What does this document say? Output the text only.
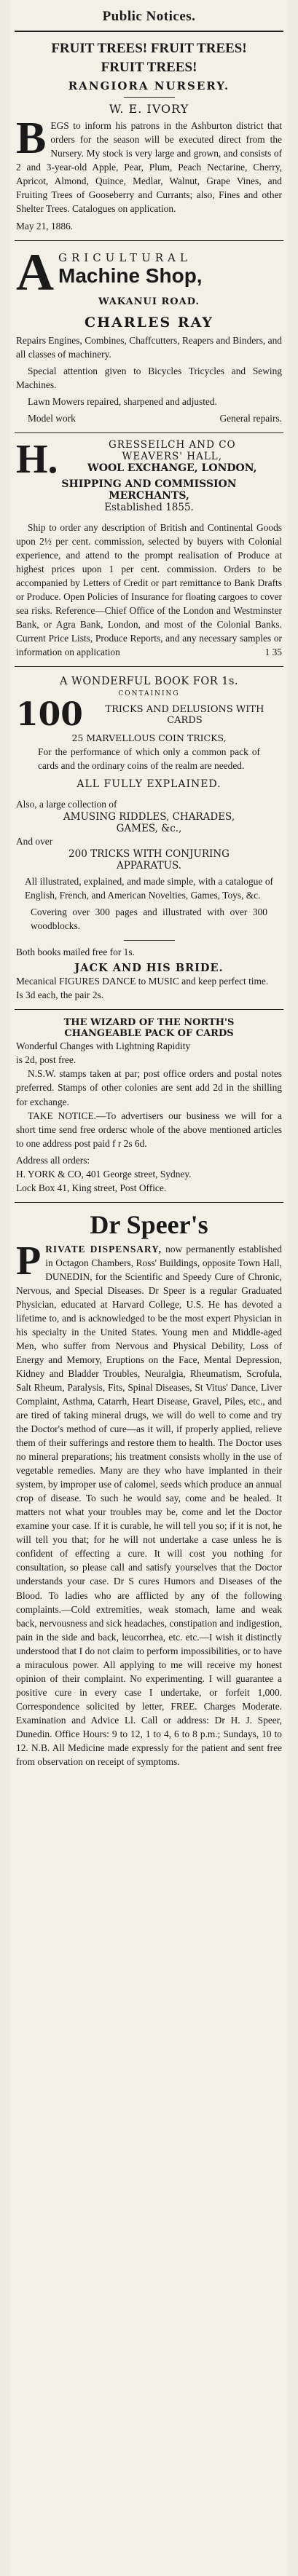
Public Notices.
FRUIT TREES! FRUIT TREES!
FRUIT TREES!
RANGIORA NURSERY.
W. E. IVORY
BEGS to inform his patrons in the Ashburton district that orders for the season will be executed direct from the Nursery. My stock is very large and grown, and consists of 2 and 3-year-old Apple, Pear, Plum, Peach Nectarine, Cherry, Apricot, Almond, Quince, Medlar, Walnut, Grape Vines, and Fruiting Trees of Gooseberry and Currants; also, Fines and other Shelter Trees. Catalogues on application.
May 21, 1886.
A GRICULTURAL
Machine Shop,
WAKANUI ROAD.
CHARLES RAY
Repairs Engines, Combines, Chaffcutters, Reapers and Binders, and all classes of machinery.
Special attention given to Bicycles Tricycles and Sewing Machines.
Lawn Mowers repaired, sharpened and adjusted.
Model work	General repairs.
H.	GRESSEILCH AND CO
WEAVERS' HALL,
WOOL EXCHANGE, LONDON,
SHIPPING AND COMMISSION
MERCHANTS,
Established 1855.
Ship to order any description of British and Continental Goods upon 2½ per cent. commission, selected by buyers with Colonial experience, and attend to the prompt realisation of Produce at highest prices upon 1 per cent. commission. Orders to be accompanied by Letters of Credit or part remittance to Bank Drafts or Produce. Open Policies of Insurance for floating cargoes to cover sea risks. Reference—Chief Office of the London and Westminster Bank, or Agra Bank, London, and most of the Colonial Banks. Current Price Lists, Produce Reports, and any necessary samples or information on application	1 35
A WONDERFUL BOOK FOR 1s.
CONTAINING
100	TRICKS AND DELUSIONS WITH
CARDS
25 MARVELLOUS COIN TRICKS,
For the performance of which only a common pack of cards and the ordinary coins of the realm are needed.
ALL FULLY EXPLAINED.
Also, a large collection of
AMUSING RIDDLES, CHARADES,
GAMES, &c.,
And over
200 TRICKS WITH CONJURING
APPARATUS.
All illustrated, explained, and made simple, with a catalogue of English, French, and American Novelties, Games, Toys, &c.
Covering over 300 pages and illustrated with over 300 woodblocks.
Both books mailed free for 1s.
JACK AND HIS BRIDE.
Mecanical FIGURES DANCE to MUSIC and keep perfect time.
Is 3d each, the pair 2s.
THE WIZARD OF THE NORTH'S
CHANGEABLE PACK OF CARDS
Wonderful Changes with Lightning Rapidity
is 2d, post free.
N.S.W. stamps taken at par; post office orders and postal notes preferred. Stamps of other colonies are sent add 2d in the shilling for exchange.
TAKE NOTICE.—To advertisers our business we will for a short time send free ordersc whole of the above mentioned articles to one address post paid f r 2s 6d.
Address all orders:
H. YORK & CO, 401 George street, Sydney.
Lock Box 41, King street, Post Office.
Dr Speer's
PRIVATE DISPENSARY, now permanently established in Octagon Chambers, Ross' Buildings, opposite Town Hall, DUNEDIN, for the Scientific and Speedy Cure of Chronic, Nervous, and Special Diseases. Dr Speer is a regular Graduated Physician, educated at Harvard College, U.S. He has devoted a lifetime to, and is acknowledged to be the most expert Physician in his specialty in the United States. Young men and Middle-aged Men, who suffer from Nervous and Physical Debility, Loss of Energy and Memory, Eruptions on the Face, Mental Depression, Kidney and Bladder Troubles, Neuralgia, Rheumatism, Scrofula, Salt Rheum, Paralysis, Fits, Spinal Diseases, St Vitus' Dance, Liver Complaint, Asthma, Catarrh, Heart Disease, Gravel, Piles, etc., and are tired of taking mineral drugs, we will do well to come and try the Doctor's method of cure—as it will, if properly applied, relieve them of their sufferings and restore them to health. The Doctor uses no mineral preparations; his treatment consists wholly in the use of vegetable remedies. Many are they who have implanted in their system, by improper use of calomel, seeds which produce an annual crop of disease. To such he would say, come and be healed. It matters not what your troubles may be, come and let the Doctor examine your case. If it is curable, he will tell you so; if it is not, he will tell you that; for he will not undertake a case unless he is confident of effecting a cure. It will cost you nothing for consultation, so please call and satisfy yourselves that the Doctor understands your case. Dr S cures Humors and Diseases of the Blood. To ladies who are afflicted by any of the following complaints.—Cold extremities, weak stomach, lame and weak back, nervousness and sick headaches, constipation and indigestion, pain in the side and back, leucorrhea, etc. etc.—I wish it distinctly understood that I do not claim to perform impossibilities, or to have a miraculous power. All applying to me will receive my honest opinion of their complaint. No experimenting. I will guarantee a positive cure in every case I undertake, or forfeit 1,000. Correspondence solicited by letter, FREE. Charges Moderate. Examination and Advice Ll. Call or address: Dr H. J. Speer, Dunedin. Office Hours: 9 to 12, 1 to 4, 6 to 8 p.m.; Sundays, 10 to 12. N.B. All Medicine made expressly for the patient and sent free from observation on receipt of symptoms.
